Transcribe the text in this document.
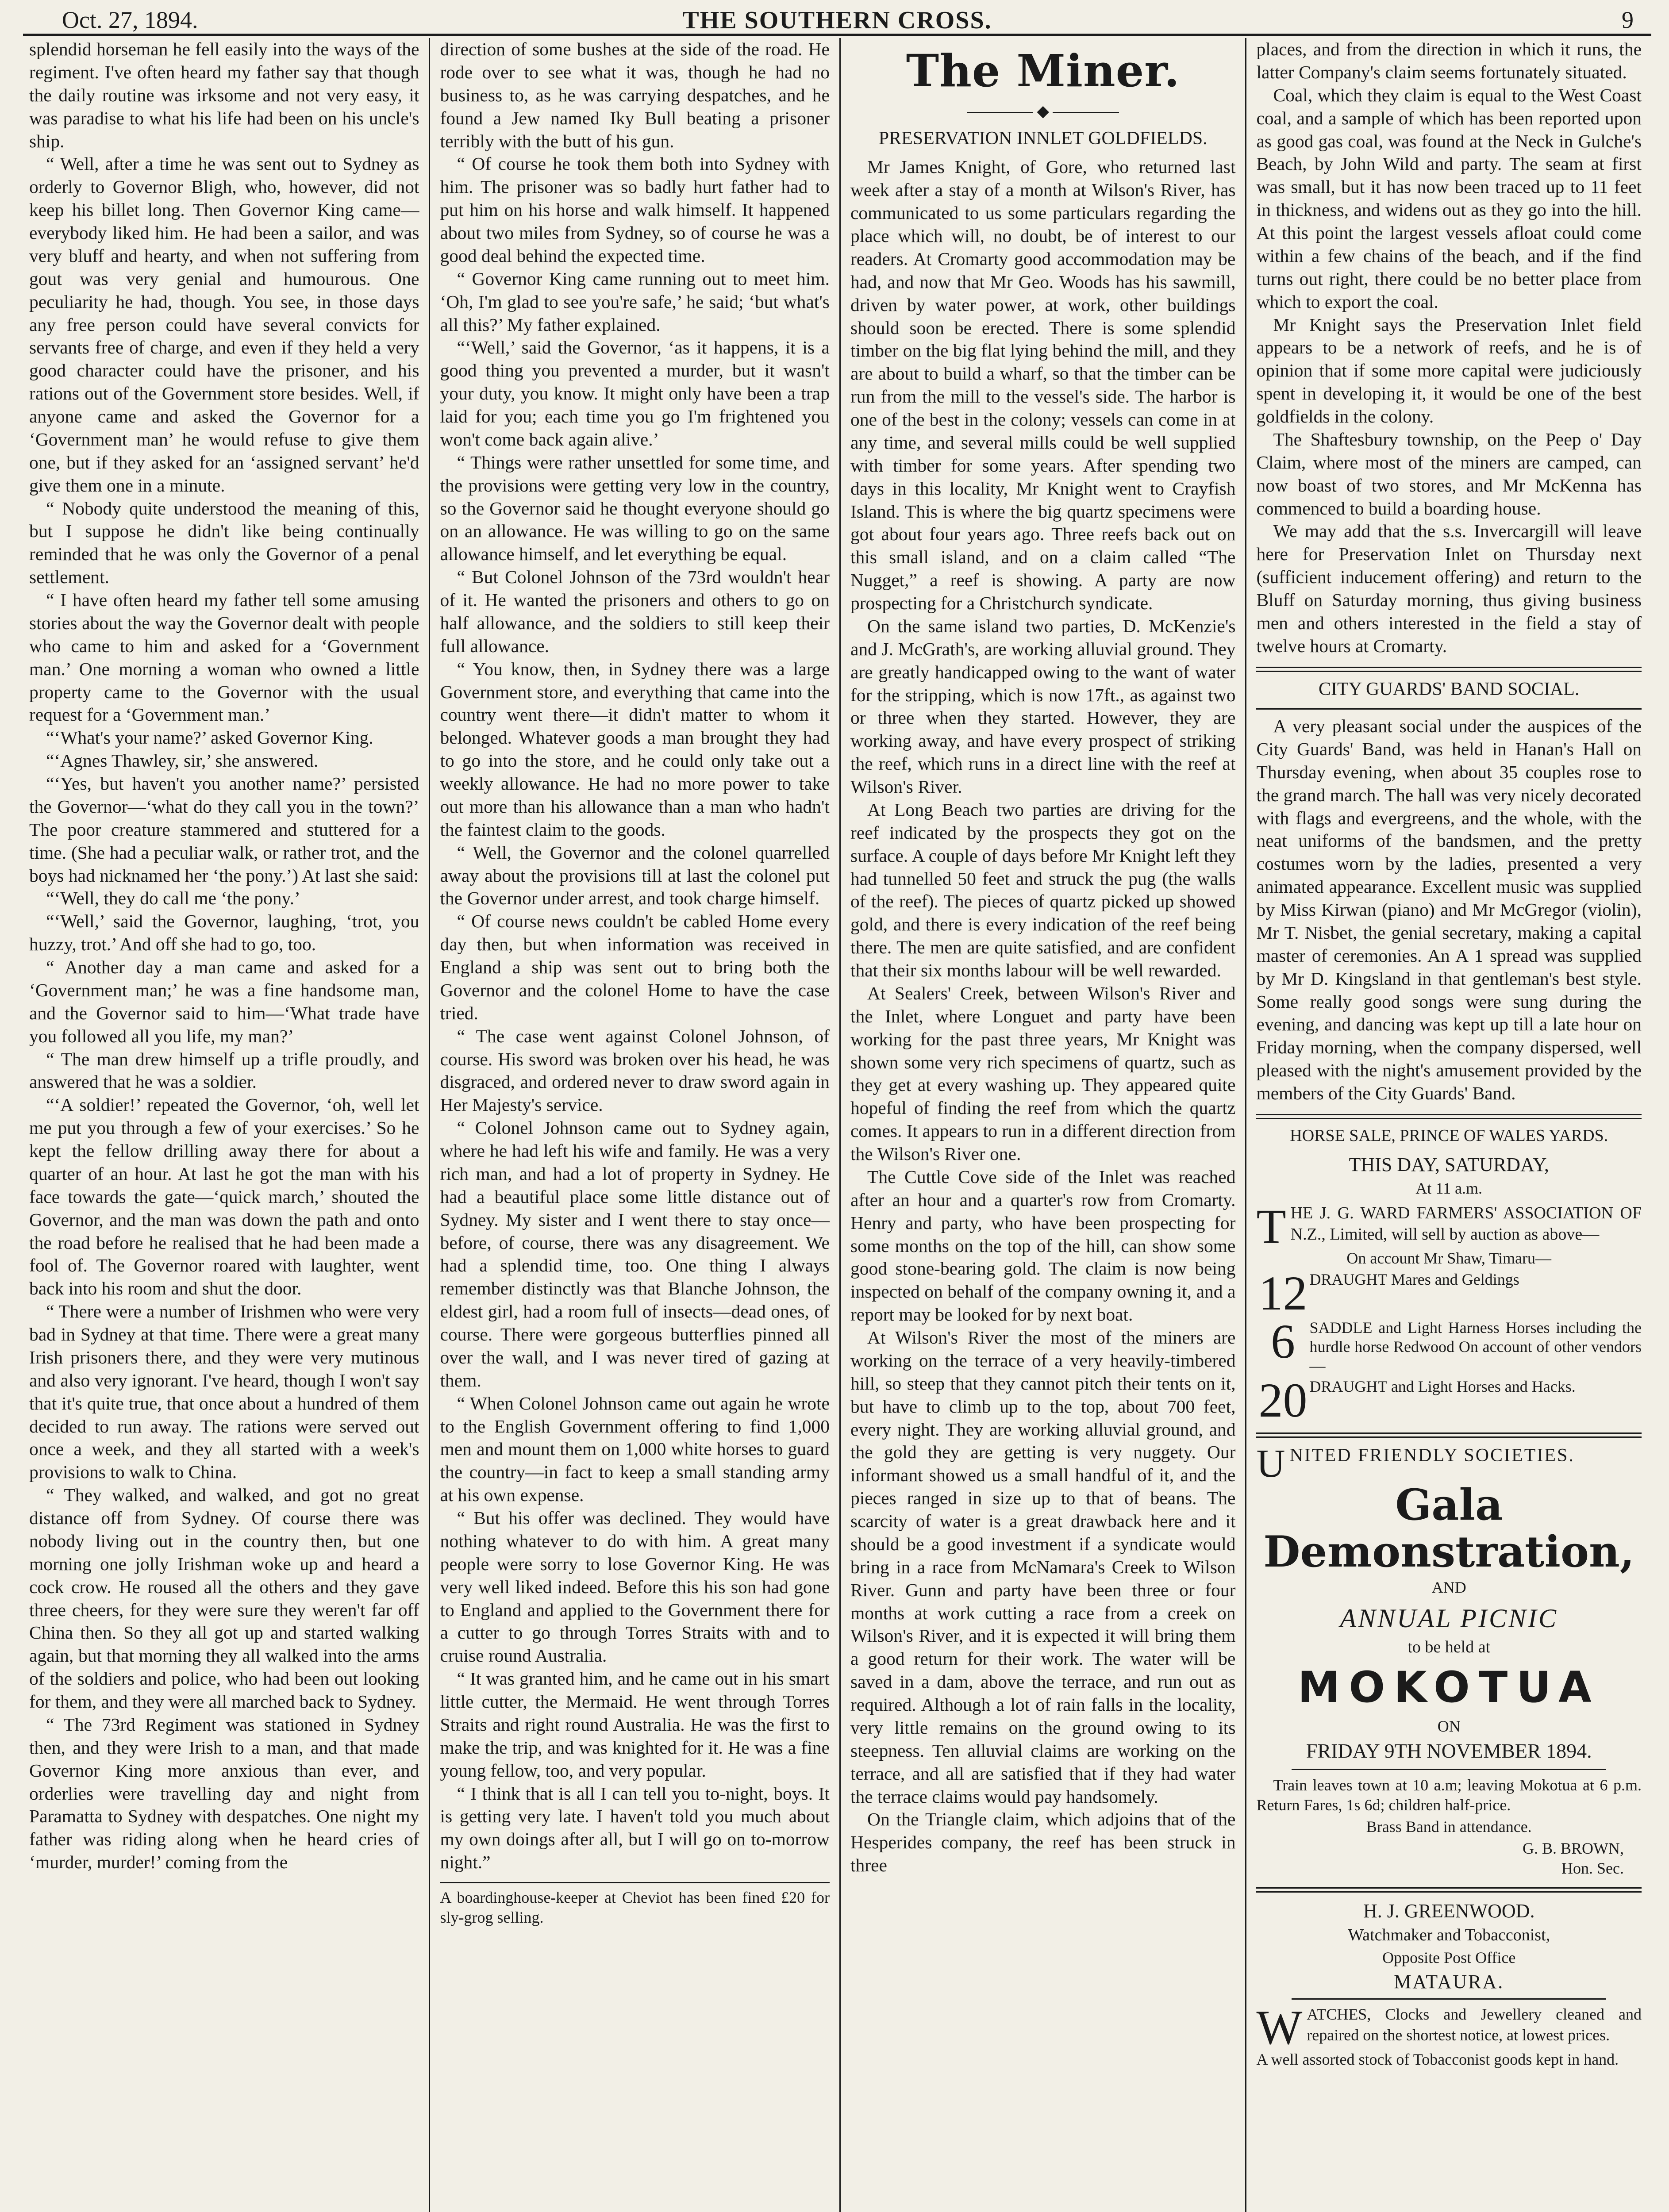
Oct. 27, 1894.	THE SOUTHERN CROSS.	9

splendid horseman he fell easily into the ways of the regiment. I've often heard my father say that though the daily routine was irksome and not very easy, it was paradise to what his life had been on his uncle's ship.

“ Well, after a time he was sent out to Sydney as orderly to Governor Bligh, who, however, did not keep his billet long. Then Governor King came—everybody liked him. He had been a sailor, and was very bluff and hearty, and when not suffering from gout was very genial and humourous. One peculiarity he had, though. You see, in those days any free person could have several convicts for servants free of charge, and even if they held a very good character could have the prisoner, and his rations out of the Government store besides. Well, if anyone came and asked the Governor for a ‘Government man’ he would refuse to give them one, but if they asked for an ‘assigned servant’ he'd give them one in a minute.

“ Nobody quite understood the meaning of this, but I suppose he didn't like being continually reminded that he was only the Governor of a penal settlement.

“ I have often heard my father tell some amusing stories about the way the Governor dealt with people who came to him and asked for a ‘Government man.’ One morning a woman who owned a little property came to the Governor with the usual request for a ‘Government man.’

“‘What's your name?’ asked Governor King.

“‘Agnes Thawley, sir,’ she answered.

“‘Yes, but haven't you another name?’ persisted the Governor—‘what do they call you in the town?’ The poor creature stammered and stuttered for a time. (She had a peculiar walk, or rather trot, and the boys had nicknamed her ‘the pony.’) At last she said:

“‘Well, they do call me ‘the pony.’

“‘Well,’ said the Governor, laughing, ‘trot, you huzzy, trot.’ And off she had to go, too.

“ Another day a man came and asked for a ‘Government man;’ he was a fine handsome man, and the Governor said to him—‘What trade have you followed all you life, my man?’

“ The man drew himself up a trifle proudly, and answered that he was a soldier.

“‘A soldier!’ repeated the Governor, ‘oh, well let me put you through a few of your exercises.’ So he kept the fellow drilling away there for about a quarter of an hour. At last he got the man with his face towards the gate—‘quick march,’ shouted the Governor, and the man was down the path and onto the road before he realised that he had been made a fool of. The Governor roared with laughter, went back into his room and shut the door.

“ There were a number of Irishmen who were very bad in Sydney at that time. There were a great many Irish prisoners there, and they were very mutinous and also very ignorant. I've heard, though I won't say that it's quite true, that once about a hundred of them decided to run away. The rations were served out once a week, and they all started with a week's provisions to walk to China.

“ They walked, and walked, and got no great distance off from Sydney. Of course there was nobody living out in the country then, but one morning one jolly Irishman woke up and heard a cock crow. He roused all the others and they gave three cheers, for they were sure they weren't far off China then. So they all got up and started walking again, but that morning they all walked into the arms of the soldiers and police, who had been out looking for them, and they were all marched back to Sydney.

“ The 73rd Regiment was stationed in Sydney then, and they were Irish to a man, and that made Governor King more anxious than ever, and orderlies were travelling day and night from Paramatta to Sydney with despatches. One night my father was riding along when he heard cries of ‘murder, murder!’ coming from the

direction of some bushes at the side of the road. He rode over to see what it was, though he had no business to, as he was carrying despatches, and he found a Jew named Iky Bull beating a prisoner terribly with the butt of his gun.

“ Of course he took them both into Sydney with him. The prisoner was so badly hurt father had to put him on his horse and walk himself. It happened about two miles from Sydney, so of course he was a good deal behind the expected time.

“ Governor King came running out to meet him. ‘Oh, I'm glad to see you're safe,’ he said; ‘but what's all this?’ My father explained.

“‘Well,’ said the Governor, ‘as it happens, it is a good thing you prevented a murder, but it wasn't your duty, you know. It might only have been a trap laid for you; each time you go I'm frightened you won't come back again alive.’

“ Things were rather unsettled for some time, and the provisions were getting very low in the country, so the Governor said he thought everyone should go on an allowance. He was willing to go on the same allowance himself, and let everything be equal.

“ But Colonel Johnson of the 73rd wouldn't hear of it. He wanted the prisoners and others to go on half allowance, and the soldiers to still keep their full allowance.

“ You know, then, in Sydney there was a large Government store, and everything that came into the country went there—it didn't matter to whom it belonged. Whatever goods a man brought they had to go into the store, and he could only take out a weekly allowance. He had no more power to take out more than his allowance than a man who hadn't the faintest claim to the goods.

“ Well, the Governor and the colonel quarrelled away about the provisions till at last the colonel put the Governor under arrest, and took charge himself.

“ Of course news couldn't be cabled Home every day then, but when information was received in England a ship was sent out to bring both the Governor and the colonel Home to have the case tried.

“ The case went against Colonel Johnson, of course. His sword was broken over his head, he was disgraced, and ordered never to draw sword again in Her Majesty's service.

“ Colonel Johnson came out to Sydney again, where he had left his wife and family. He was a very rich man, and had a lot of property in Sydney. He had a beautiful place some little distance out of Sydney. My sister and I went there to stay once—before, of course, there was any disagreement. We had a splendid time, too. One thing I always remember distinctly was that Blanche Johnson, the eldest girl, had a room full of insects—dead ones, of course. There were gorgeous butterflies pinned all over the wall, and I was never tired of gazing at them.

“ When Colonel Johnson came out again he wrote to the English Government offering to find 1,000 men and mount them on 1,000 white horses to guard the country—in fact to keep a small standing army at his own expense.

“ But his offer was declined. They would have nothing whatever to do with him. A great many people were sorry to lose Governor King. He was very well liked indeed. Before this his son had gone to England and applied to the Government there for a cutter to go through Torres Straits with and to cruise round Australia.

“ It was granted him, and he came out in his smart little cutter, the Mermaid. He went through Torres Straits and right round Australia. He was the first to make the trip, and was knighted for it. He was a fine young fellow, too, and very popular.

“ I think that is all I can tell you to-night, boys. It is getting very late. I haven't told you much about my own doings after all, but I will go on to-morrow night.”

A boardinghouse-keeper at Cheviot has been fined £20 for sly-grog selling.
The Miner.
◆
PRESERVATION INNLET GOLDFIELDS.

Mr James Knight, of Gore, who returned last week after a stay of a month at Wilson's River, has communicated to us some particulars regarding the place which will, no doubt, be of interest to our readers. At Cromarty good accommodation may be had, and now that Mr Geo. Woods has his sawmill, driven by water power, at work, other buildings should soon be erected. There is some splendid timber on the big flat lying behind the mill, and they are about to build a wharf, so that the timber can be run from the mill to the vessel's side. The harbor is one of the best in the colony; vessels can come in at any time, and several mills could be well supplied with timber for some years. After spending two days in this locality, Mr Knight went to Crayfish Island. This is where the big quartz specimens were got about four years ago. Three reefs back out on this small island, and on a claim called “The Nugget,” a reef is showing. A party are now prospecting for a Christchurch syndicate.

On the same island two parties, D. McKenzie's and J. McGrath's, are working alluvial ground. They are greatly handicapped owing to the want of water for the stripping, which is now 17ft., as against two or three when they started. However, they are working away, and have every prospect of striking the reef, which runs in a direct line with the reef at Wilson's River.

At Long Beach two parties are driving for the reef indicated by the prospects they got on the surface. A couple of days before Mr Knight left they had tunnelled 50 feet and struck the pug (the walls of the reef). The pieces of quartz picked up showed gold, and there is every indication of the reef being there. The men are quite satisfied, and are confident that their six months labour will be well rewarded.

At Sealers' Creek, between Wilson's River and the Inlet, where Longuet and party have been working for the past three years, Mr Knight was shown some very rich specimens of quartz, such as they get at every washing up. They appeared quite hopeful of finding the reef from which the quartz comes. It appears to run in a different direction from the Wilson's River one.

The Cuttle Cove side of the Inlet was reached after an hour and a quarter's row from Cromarty. Henry and party, who have been prospecting for some months on the top of the hill, can show some good stone-bearing gold. The claim is now being inspected on behalf of the company owning it, and a report may be looked for by next boat.

At Wilson's River the most of the miners are working on the terrace of a very heavily-timbered hill, so steep that they cannot pitch their tents on it, but have to climb up to the top, about 700 feet, every night. They are working alluvial ground, and the gold they are getting is very nuggety. Our informant showed us a small handful of it, and the pieces ranged in size up to that of beans. The scarcity of water is a great drawback here and it should be a good investment if a syndicate would bring in a race from McNamara's Creek to Wilson River. Gunn and party have been three or four months at work cutting a race from a creek on Wilson's River, and it is expected it will bring them a good return for their work. The water will be saved in a dam, above the terrace, and run out as required. Although a lot of rain falls in the locality, very little remains on the ground owing to its steepness. Ten alluvial claims are working on the terrace, and all are satisfied that if they had water the terrace claims would pay handsomely.

On the Triangle claim, which adjoins that of the Hesperides company, the reef has been struck in three

places, and from the direction in which it runs, the latter Company's claim seems fortunately situated.

Coal, which they claim is equal to the West Coast coal, and a sample of which has been reported upon as good gas coal, was found at the Neck in Gulche's Beach, by John Wild and party. The seam at first was small, but it has now been traced up to 11 feet in thickness, and widens out as they go into the hill. At this point the largest vessels afloat could come within a few chains of the beach, and if the find turns out right, there could be no better place from which to export the coal.

Mr Knight says the Preservation Inlet field appears to be a network of reefs, and he is of opinion that if some more capital were judiciously spent in developing it, it would be one of the best goldfields in the colony.

The Shaftesbury township, on the Peep o' Day Claim, where most of the miners are camped, can now boast of two stores, and Mr McKenna has commenced to build a boarding house.

We may add that the s.s. Invercargill will leave here for Preservation Inlet on Thursday next (sufficient inducement offering) and return to the Bluff on Saturday morning, thus giving business men and others interested in the field a stay of twelve hours at Cromarty.

CITY GUARDS' BAND SOCIAL.

A very pleasant social under the auspices of the City Guards' Band, was held in Hanan's Hall on Thursday evening, when about 35 couples rose to the grand march. The hall was very nicely decorated with flags and evergreens, and the whole, with the neat uniforms of the bandsmen, and the pretty costumes worn by the ladies, presented a very animated appearance. Excellent music was supplied by Miss Kirwan (piano) and Mr McGregor (violin), Mr T. Nisbet, the genial secretary, making a capital master of ceremonies. An A 1 spread was supplied by Mr D. Kingsland in that gentleman's best style. Some really good songs were sung during the evening, and dancing was kept up till a late hour on Friday morning, when the company dispersed, well pleased with the night's amusement provided by the members of the City Guards' Band.

HORSE SALE, PRINCE OF WALES YARDS.
THIS DAY, SATURDAY,
At 11 a.m.
T HE J. G. WARD FARMERS' ASSOCIATION OF N.Z., Limited, will sell by auction as above—
On account Mr Shaw, Timaru—
12 DRAUGHT Mares and Geldings
6 SADDLE and Light Harness Horses including the hurdle horse Redwood On account of other vendors—
20 DRAUGHT and Light Horses and Hacks.
U NITED FRIENDLY SOCIETIES.
Gala Demonstration,
AND
ANNUAL PICNIC
to be held at
MOKOTUA
ON
FRIDAY 9TH NOVEMBER 1894.

Train leaves town at 10 a.m; leaving Mokotua at 6 p.m. Return Fares, 1s 6d; children half-price.

Brass Band in attendance.
G. B. BROWN,
Hon. Sec.
H. J. GREENWOOD.
Watchmaker and Tobacconist,
Opposite Post Office
MATAURA.
W ATCHES, Clocks and Jewellery cleaned and repaired on the shortest notice, at lowest prices.
A well assorted stock of Tobacconist goods kept in hand.
